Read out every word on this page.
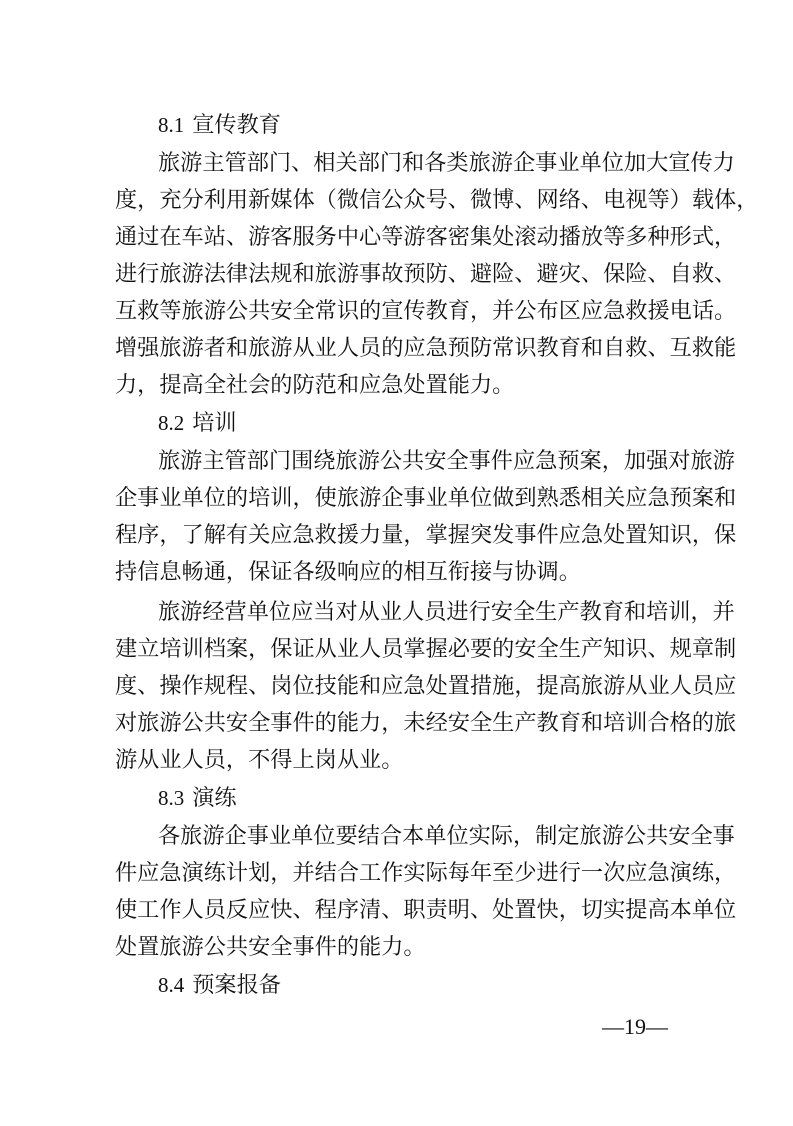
8.1 宣传教育
旅游主管部门、相关部门和各类旅游企事业单位加大宣传力
度，充分利用新媒体（微信公众号、微博、网络、电视等）载体，
通过在车站、游客服务中心等游客密集处滚动播放等多种形式，
进行旅游法律法规和旅游事故预防、避险、避灾、保险、自救、
互救等旅游公共安全常识的宣传教育，并公布区应急救援电话。
增强旅游者和旅游从业人员的应急预防常识教育和自救、互救能
力，提高全社会的防范和应急处置能力。
8.2 培训
旅游主管部门围绕旅游公共安全事件应急预案，加强对旅游
企事业单位的培训，使旅游企事业单位做到熟悉相关应急预案和
程序，了解有关应急救援力量，掌握突发事件应急处置知识，保
持信息畅通，保证各级响应的相互衔接与协调。
旅游经营单位应当对从业人员进行安全生产教育和培训，并
建立培训档案，保证从业人员掌握必要的安全生产知识、规章制
度、操作规程、岗位技能和应急处置措施，提高旅游从业人员应
对旅游公共安全事件的能力，未经安全生产教育和培训合格的旅
游从业人员，不得上岗从业。
8.3 演练
各旅游企事业单位要结合本单位实际，制定旅游公共安全事
件应急演练计划，并结合工作实际每年至少进行一次应急演练，
使工作人员反应快、程序清、职责明、处置快，切实提高本单位
处置旅游公共安全事件的能力。
8.4 预案报备
—19—
